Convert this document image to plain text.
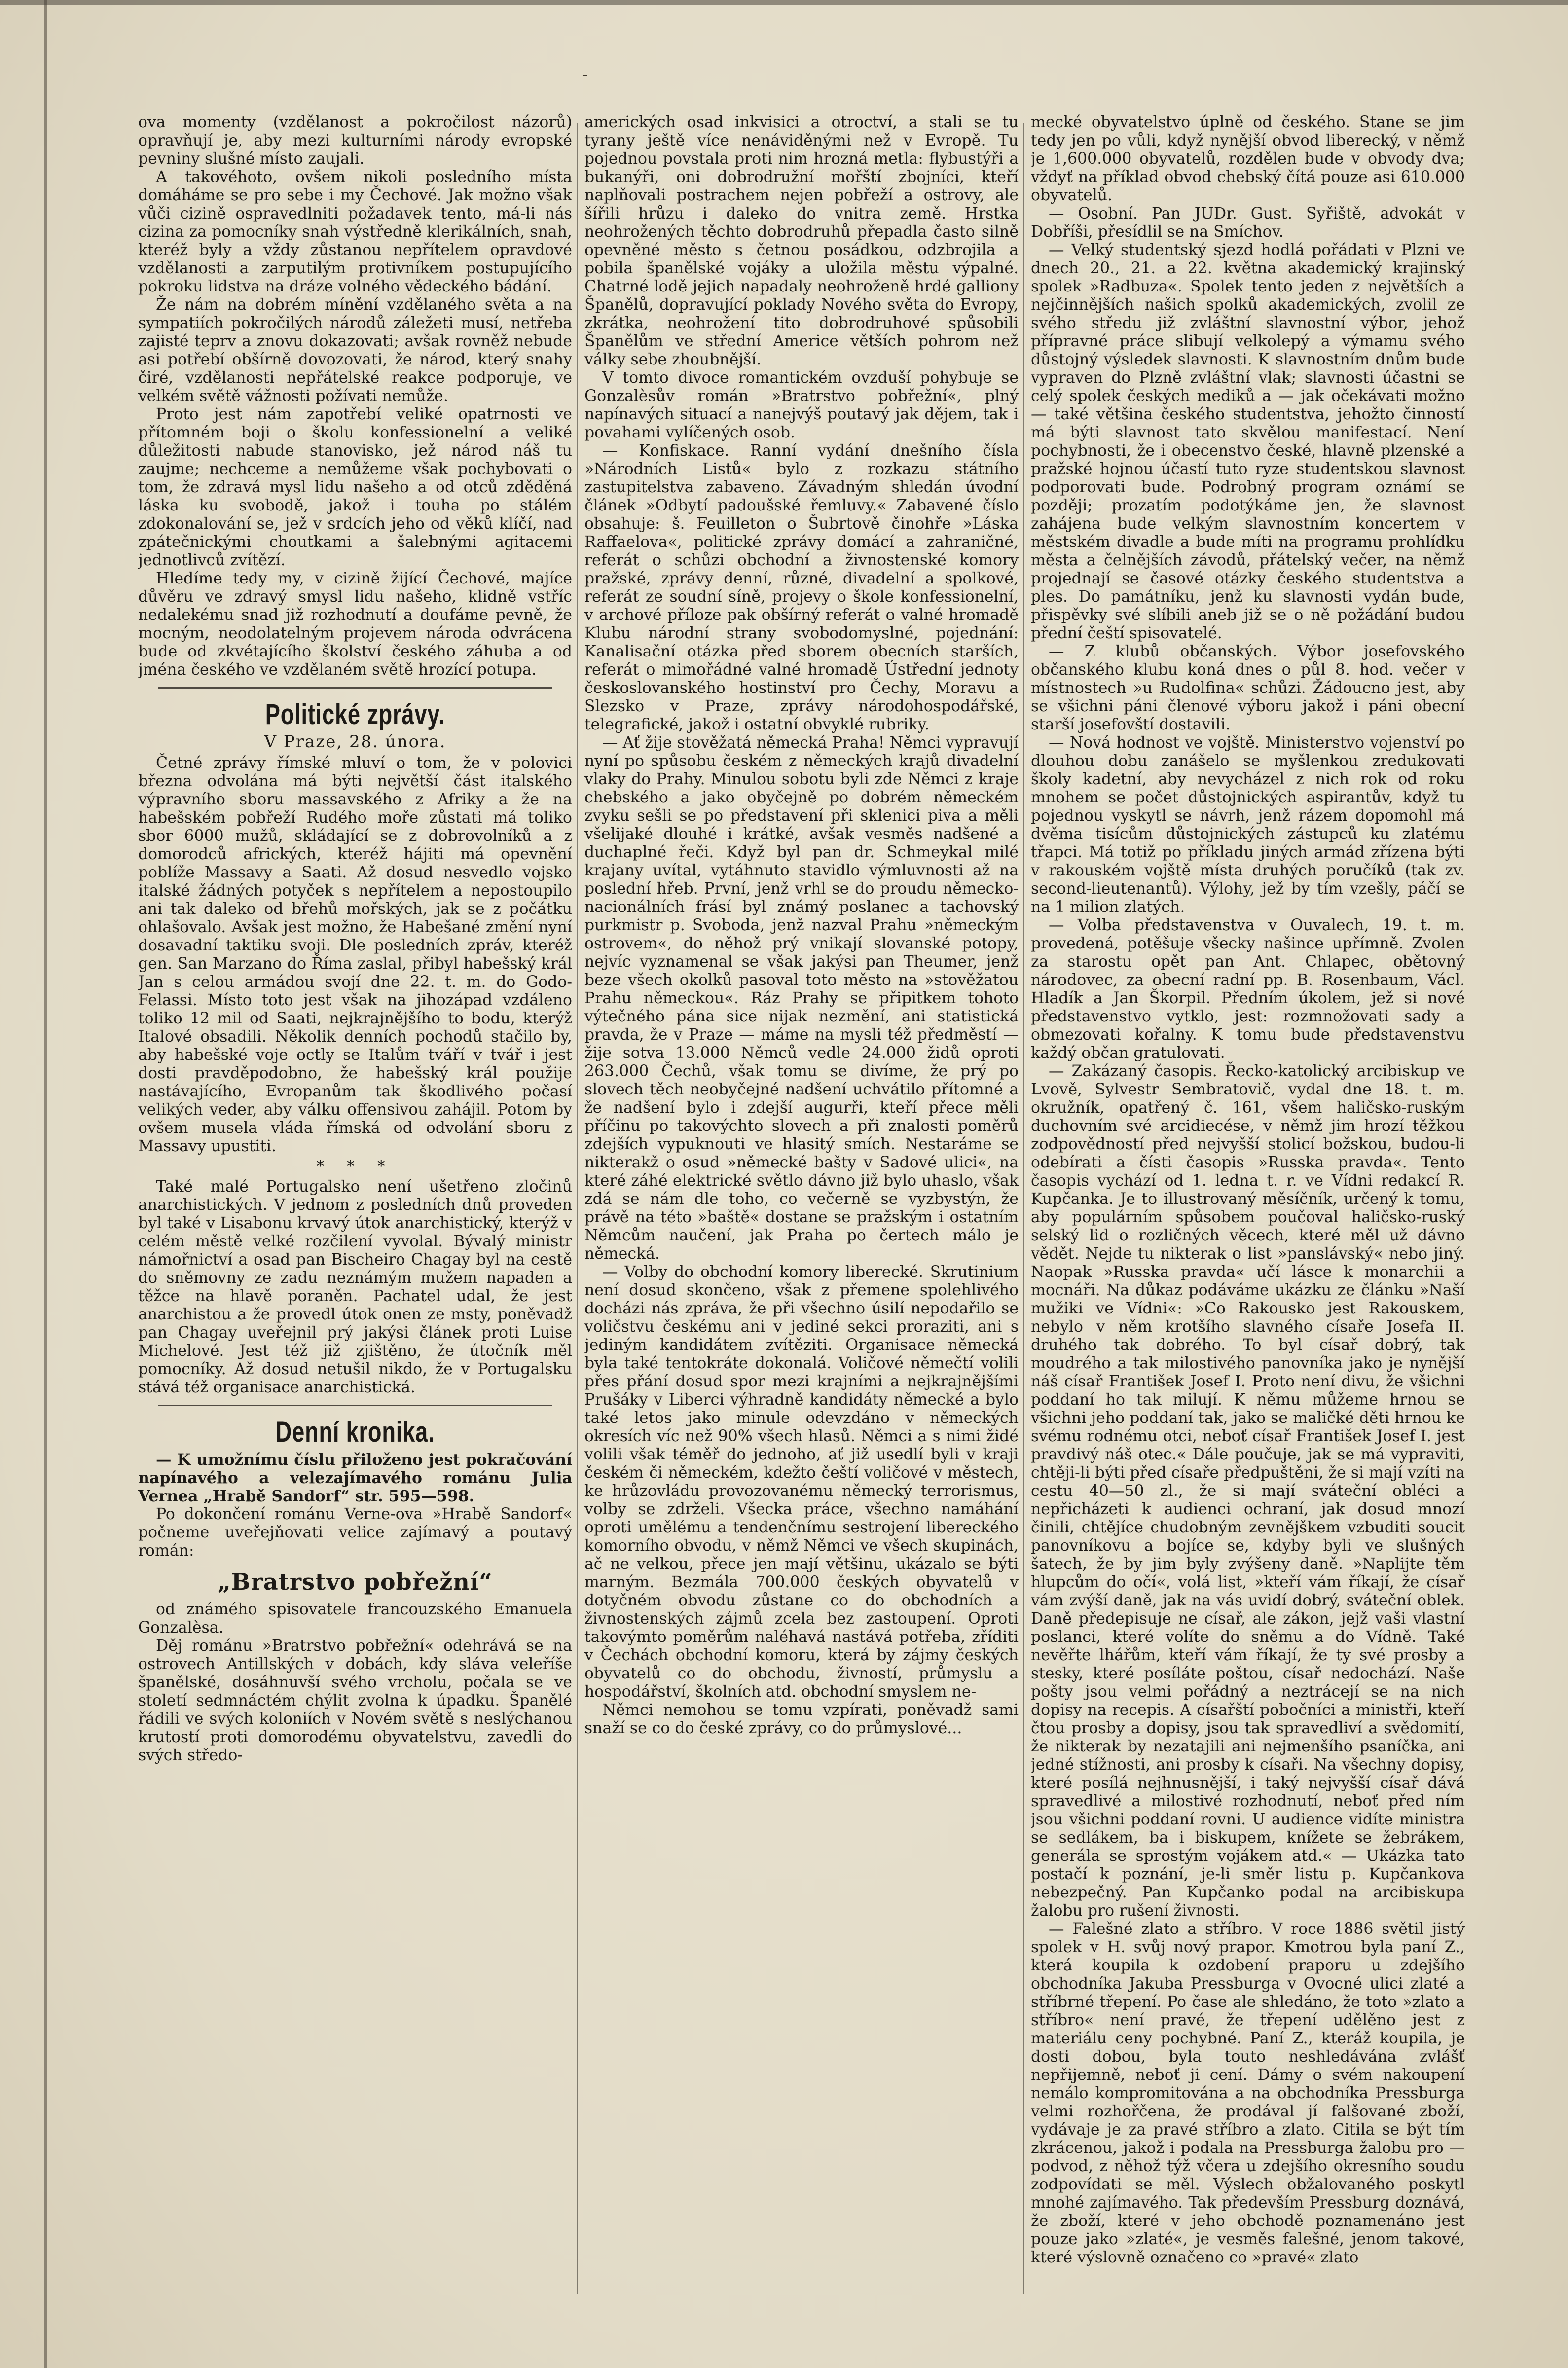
–

ova momenty (vzdělanost a pokročilost názorů) opravňují je, aby mezi kulturními národy evropské pevniny slušné místo zaujali.

A takovéhoto, ovšem nikoli posledního místa domáháme se pro sebe i my Čechové. Jak možno však vůči cizině ospravedlniti požadavek tento, má-li nás cizina za pomocníky snah výstředně klerikálních, snah, kteréž byly a vždy zůstanou nepřítelem opravdové vzdělanosti a zarputilým protivníkem postupujícího pokroku lidstva na dráze volného vědeckého bádání.

Že nám na dobrém mínění vzdělaného světa a na sympatiích pokročilých národů záležeti musí, netřeba zajisté teprv a znovu dokazovati; avšak rovněž nebude asi potřebí obšírně dovozovati, že národ, který snahy čiré, vzdělanosti nepřátelské reakce podporuje, ve velkém světě vážnosti požívati nemůže.

Proto jest nám zapotřebí veliké opatrnosti ve přítomném boji o školu konfessionelní a veliké důležitosti nabude stanovisko, jež národ náš tu zaujme; nechceme a nemůžeme však pochybovati o tom, že zdravá mysl lidu našeho a od otců zděděná láska ku svobodě, jakož i touha po stálém zdokonalování se, jež v srdcích jeho od věků klíčí, nad zpátečnickými choutkami a šalebnými agitacemi jednotlivců zvítězí.

Hledíme tedy my, v cizině žijící Čechové, majíce důvěru ve zdravý smysl lidu našeho, klidně vstříc nedalekému snad již rozhodnutí a doufáme pevně, že mocným, neodolatelným projevem národa odvrácena bude od zkvétajícího školství českého záhuba a od jména českého ve vzdělaném světě hrozící potupa.

Politické zprávy.
V Praze, 28. února.

Četné zprávy římské mluví o tom, že v polovici března odvolána má býti největší část italského výpravního sboru massavského z Afriky a že na habešském pobřeží Rudého moře zůstati má toliko sbor 6000 mužů, skládající se z dobrovolníků a z domorodců afrických, kteréž hájiti má opevnění poblíže Massavy a Saati. Až dosud nesvedlo vojsko italské žádných potyček s nepřítelem a nepostoupilo ani tak daleko od břehů mořských, jak se z počátku ohlašovalo. Avšak jest možno, že Habešané změní nyní dosavadní taktiku svoji. Dle posledních zpráv, kteréž gen. San Marzano do Říma zaslal, přibyl habešský král Jan s celou armádou svojí dne 22. t. m. do Godo-Felassi. Místo toto jest však na jihozápad vzdáleno toliko 12 mil od Saati, nejkrajnějšího to bodu, kterýž Italové obsadili. Několik denních pochodů stačilo by, aby habešské voje octly se Italům tváří v tvář i jest dosti pravděpodobno, že habešský král použije nastávajícího, Evropanům tak škodlivého počasí velikých veder, aby válku offensivou zahájil. Potom by ovšem musela vláda římská od odvolání sboru z Massavy upustiti.

* * *

Také malé Portugalsko není ušetřeno zločinů anarchistických. V jednom z posledních dnů proveden byl také v Lisabonu krvavý útok anarchistický, kterýž v celém městě velké rozčilení vyvolal. Bývalý ministr námořnictví a osad pan Bischeiro Chagay byl na cestě do sněmovny ze zadu neznámým mužem napaden a těžce na hlavě poraněn. Pachatel udal, že jest anarchistou a že provedl útok onen ze msty, poněvadž pan Chagay uveřejnil prý jakýsi článek proti Luise Michelové. Jest též již zjištěno, že útočník měl pomocníky. Až dosud netušil nikdo, že v Portugalsku stává též organisace anarchistická.

Denní kronika.

— K umožnímu číslu přiloženo jest pokračování napínavého a velezajímavého románu Julia Vernea „Hrabě Sandorf“ str. 595—598.

Po dokončení románu Verne-ova »Hrabě Sandorf« počneme uveřejňovati velice zajímavý a poutavý román:

„Bratrstvo pobřežní“

od známého spisovatele francouzského Emanuela Gonzalèsa.

Děj románu »Bratrstvo pobřežní« odehrává se na ostrovech Antillských v dobách, kdy sláva veleříše španělské, dosáhnuvší svého vrcholu, počala se ve století sedmnáctém chýlit zvolna k úpadku. Španělé řádili ve svých koloniích v Novém světě s neslýchanou krutostí proti domorodému obyvatelstvu, zavedli do svých středo-

amerických osad inkvisici a otroctví, a stali se tu tyrany ještě více nenáviděnými než v Evropě. Tu pojednou povstala proti nim hrozná metla: flybustýři a bukanýři, oni dobrodružní mořští zbojníci, kteří naplňovali postrachem nejen pobřeží a ostrovy, ale šířili hrůzu i daleko do vnitra země. Hrstka neohrožených těchto dobrodruhů přepadla často silně opevněné město s četnou posádkou, odzbrojila a pobila španělské vojáky a uložila městu výpalné. Chatrné lodě jejich napadaly neohroženě hrdé galliony Španělů, dopravující poklady Nového světa do Evropy, zkrátka, neohrožení tito dobrodruhové spůsobili Španělům ve střední Americe větších pohrom než války sebe zhoubnější.

V tomto divoce romantickém ovzduší pohybuje se Gonzalèsův román »Bratrstvo pobřežní«, plný napínavých situací a nanejvýš poutavý jak dějem, tak i povahami vylíčených osob.

— Konfiskace. Ranní vydání dnešního čísla »Národních Listů« bylo z rozkazu státního zastupitelstva zabaveno. Závadným shledán úvodní článek »Odbytí padoušské řemluvy.« Zabavené číslo obsahuje: š. Feuilleton o Šubrtově činohře »Láska Raffaelova«, politické zprávy domácí a zahraničné, referát o schůzi obchodní a živnostenské komory pražské, zprávy denní, různé, divadelní a spolkové, referát ze soudní síně, projevy o škole konfessionelní, v archové příloze pak obšírný referát o valné hromadě Klubu národní strany svobodomyslné, pojednání: Kanalisační otázka před sborem obecních starších, referát o mimořádné valné hromadě Ústřední jednoty českoslovanského hostinství pro Čechy, Moravu a Slezsko v Praze, zprávy národohospodářské, telegrafické, jakož i ostatní obvyklé rubriky.

— Ať žije stověžatá německá Praha! Němci vypravují nyní po spůsobu českém z německých krajů divadelní vlaky do Prahy. Minulou sobotu byli zde Němci z kraje chebského a jako obyčejně po dobrém německém zvyku sešli se po představení při sklenici piva a měli všelijaké dlouhé i krátké, avšak vesměs nadšené a duchaplné řeči. Když byl pan dr. Schmeykal milé krajany uvítal, vytáhnuto stavidlo výmluvnosti až na poslední hřeb. První, jenž vrhl se do proudu německo-nacionálních frásí byl známý poslanec a tachovský purkmistr p. Svoboda, jenž nazval Prahu »německým ostrovem«, do něhož prý vnikají slovanské potopy, nejvíc vyznamenal se však jakýsi pan Theumer, jenž beze všech okolků pasoval toto město na »stověžatou Prahu německou«. Ráz Prahy se připitkem tohoto výtečného pána sice nijak nezmění, ani statistická pravda, že v Praze — máme na mysli též předměstí — žije sotva 13.000 Němců vedle 24.000 židů oproti 263.000 Čechů, však tomu se divíme, že prý po slovech těch neobyčejné nadšení uchvátilo přítomné a že nadšení bylo i zdejší augurři, kteří přece měli příčinu po takovýchto slovech a při znalosti poměrů zdejších vypuknouti ve hlasitý smích. Nestaráme se nikterakž o osud »německé bašty v Sadové ulici«, na které záhé elektrické světlo dávno již bylo uhaslo, však zdá se nám dle toho, co večerně se vyzbystýn, že právě na této »baště« dostane se pražským i ostatním Němcům naučení, jak Praha po čertech málo je německá.

— Volby do obchodní komory liberecké. Skrutinium není dosud skončeno, však z přemene spolehlivého docházi nás zpráva, že při všechno úsilí nepodařilo se voličstvu českému ani v jediné sekci proraziti, ani s jediným kandidátem zvítěziti. Organisace německá byla také tentokráte dokonalá. Voličové němečtí volili přes přání dosud spor mezi krajními a nejkrajnějšími Prušáky v Liberci výhradně kandidáty německé a bylo také letos jako minule odevzdáno v německých okresích víc než 90% všech hlasů. Němci a s nimi židé volili však téměř do jednoho, ať již usedlí byli v kraji českém či německém, kdežto čeští voličové v městech, ke hrůzovládu provozovanému německý terrorismus, volby se zdrželi. Všecka práce, všechno namáhání oproti umělému a tendenčnímu sestrojení libereckého komorního obvodu, v němž Němci ve všech skupinách, ač ne velkou, přece jen mají většinu, ukázalo se býti marným. Bezmála 700.000 českých obyvatelů v dotyčném obvodu zůstane co do obchodních a živnostenských zájmů zcela bez zastoupení. Oproti takovýmto poměrům naléhavá nastává potřeba, zříditi v Čechách obchodní komoru, která by zájmy českých obyvatelů co do obchodu, živností, průmyslu a hospodářství, školních atd. obchodní smyslem ne-

Němci nemohou se tomu vzpírati, poněvadž sami snaží se co do české zprávy, co do průmyslové...

mecké obyvatelstvo úplně od českého. Stane se jim tedy jen po vůli, když nynější obvod liberecký, v němž je 1,600.000 obyvatelů, rozdělen bude v obvody dva; vždyť na příklad obvod chebský čítá pouze asi 610.000 obyvatelů.

— Osobní. Pan JUDr. Gust. Syřiště, advokát v Dobříši, přesídlil se na Smíchov.

— Velký studentský sjezd hodlá pořádati v Plzni ve dnech 20., 21. a 22. května akademický krajinský spolek »Radbuza«. Spolek tento jeden z největších a nejčinnějších našich spolků akademických, zvolil ze svého středu již zvláštní slavnostní výbor, jehož přípravné práce slibují velkolepý a výmamu svého důstojný výsledek slavnosti. K slavnostním dnům bude vypraven do Plzně zvláštní vlak; slavnosti účastni se celý spolek českých mediků a — jak očekávati možno — také většina českého studentstva, jehožto činností má býti slavnost tato skvělou manifestací. Není pochybnosti, že i obecenstvo české, hlavně plzenské a pražské hojnou účastí tuto ryze studentskou slavnost podporovati bude. Podrobný program oznámí se později; prozatím podotýkáme jen, že slavnost zahájena bude velkým slavnostním koncertem v městském divadle a bude míti na programu prohlídku města a čelnějších závodů, přátelský večer, na němž projednají se časové otázky českého studentstva a ples. Do památníku, jenž ku slavnosti vydán bude, přispěvky své slíbili aneb již se o ně požádání budou přední čeští spisovatelé.

— Z klubů občanských. Výbor josefovského občanského klubu koná dnes o půl 8. hod. večer v místnostech »u Rudolfina« schůzi. Žádoucno jest, aby se všichni páni členové výboru jakož i páni obecní starší josefovští dostavili.

— Nová hodnost ve vojště. Ministerstvo vojenství po dlouhou dobu zanášelo se myšlenkou zredukovati školy kadetní, aby nevycházel z nich rok od roku mnohem se počet důstojnických aspirantův, když tu pojednou vyskytl se návrh, jenž rázem dopomohl má dvěma tisícům důstojnických zástupců ku zlatému třapci. Má totiž po příkladu jiných armád zřízena býti v rakouském vojště místa druhých poručíků (tak zv. second-lieutenantů). Výlohy, jež by tím vzešly, páčí se na 1 milion zlatých.

— Volba představenstva v Ouvalech, 19. t. m. provedená, potěšuje všecky našince upřímně. Zvolen za starostu opět pan Ant. Chlapec, obětovný národovec, za obecní radní pp. B. Rosenbaum, Václ. Hladík a Jan Škorpil. Předním úkolem, jež si nové představenstvo vytklo, jest: rozmnožovati sady a obmezovati kořalny. K tomu bude představenstvu každý občan gratulovati.

— Zakázaný časopis. Řecko-katolický arcibiskup ve Lvově, Sylvestr Sembratovič, vydal dne 18. t. m. okružník, opatřený č. 161, všem haličsko-ruským duchovním své arcidiecése, v němž jim hrozí těžkou zodpovědností před nejvyšší stolicí božskou, budou-li odebírati a čísti časopis »Russka pravda«. Tento časopis vychází od 1. ledna t. r. ve Vídni redakcí R. Kupčanka. Je to illustrovaný měsíčník, určený k tomu, aby populárním spůsobem poučoval haličsko-ruský selský lid o rozličných věcech, které měl už dávno vědět. Nejde tu nikterak o list »panslávský« nebo jiný. Naopak »Russka pravda« učí lásce k monarchii a mocnáři. Na důkaz podáváme ukázku ze článku »Naší mužiki ve Vídni«: »Co Rakousko jest Rakouskem, nebylo v něm krotšího slavného císaře Josefa II. druhého tak dobrého. To byl císař dobrý, tak moudrého a tak milostivého panovníka jako je nynější náš císař František Josef I. Proto není divu, že všichni poddaní ho tak milují. K němu můžeme hrnou se všichni jeho poddaní tak, jako se maličké děti hrnou ke svému rodnému otci, neboť císař František Josef I. jest pravdivý náš otec.« Dále poučuje, jak se má vypraviti, chtěji-li býti před císaře předpuštěni, že si mají vzíti na cestu 40—50 zl., že si mají sváteční obléci a nepřicházeti k audienci ochraní, jak dosud mnozí činili, chtějíce chudobným zevnějškem vzbuditi soucit panovníkovu a bojíce se, kdyby byli ve slušných šatech, že by jim byly zvýšeny daně. »Naplijte těm hlupcům do očí«, volá list, »kteří vám říkají, že císař vám zvýší daně, jak na vás uvidí dobrý, sváteční oblek. Daně předepisuje ne císař, ale zákon, jejž vaši vlastní poslanci, které volíte do sněmu a do Vídně. Také nevěřte lhářům, kteří vám říkají, že ty své prosby a stesky, které posíláte poštou, císař nedochází. Naše pošty jsou velmi pořádný a neztrácejí se na nich dopisy na recepis. A císařští pobočníci a ministři, kteří čtou prosby a dopisy, jsou tak spravedliví a svědomití, že nikterak by nezatajili ani nejmenšího psaníčka, ani jedné stížnosti, ani prosby k císaři. Na všechny dopisy, které posílá nejhnusnější, i taký nejvyšší císař dává spravedlivé a milostivé rozhodnutí, neboť před ním jsou všichni poddaní rovni. U audience vidíte ministra se sedlákem, ba i biskupem, knížete se žebrákem, generála se sprostým vojákem atd.« — Ukázka tato postačí k poznání, je-li směr listu p. Kupčankova nebezpečný. Pan Kupčanko podal na arcibiskupa žalobu pro rušení živnosti.

— Falešné zlato a stříbro. V roce 1886 světil jistý spolek v H. svůj nový prapor. Kmotrou byla paní Z., která koupila k ozdobení praporu u zdejšího obchodníka Jakuba Pressburga v Ovocné ulici zlaté a stříbrné třepení. Po čase ale shledáno, že toto »zlato a stříbro« není pravé, že třepení udělěno jest z materiálu ceny pochybné. Paní Z., kteráž koupila, je dosti dobou, byla touto neshledávána zvlášť nepřijemně, neboť ji cení. Dámy o svém nakoupení nemálo kompromitována a na obchodníka Pressburga velmi rozhořčena, že prodával jí falšované zboží, vydávaje je za pravé stříbro a zlato. Citila se být tím zkrácenou, jakož i podala na Pressburga žalobu pro — podvod, z něhož týž včera u zdejšího okresního soudu zodpovídati se měl. Výslech obžalovaného poskytl mnohé zajímavého. Tak především Pressburg doznává, že zboží, které v jeho obchodě poznamenáno jest pouze jako »zlaté«, je vesměs falešné, jenom takové, které výslovně označeno co »pravé« zlato
